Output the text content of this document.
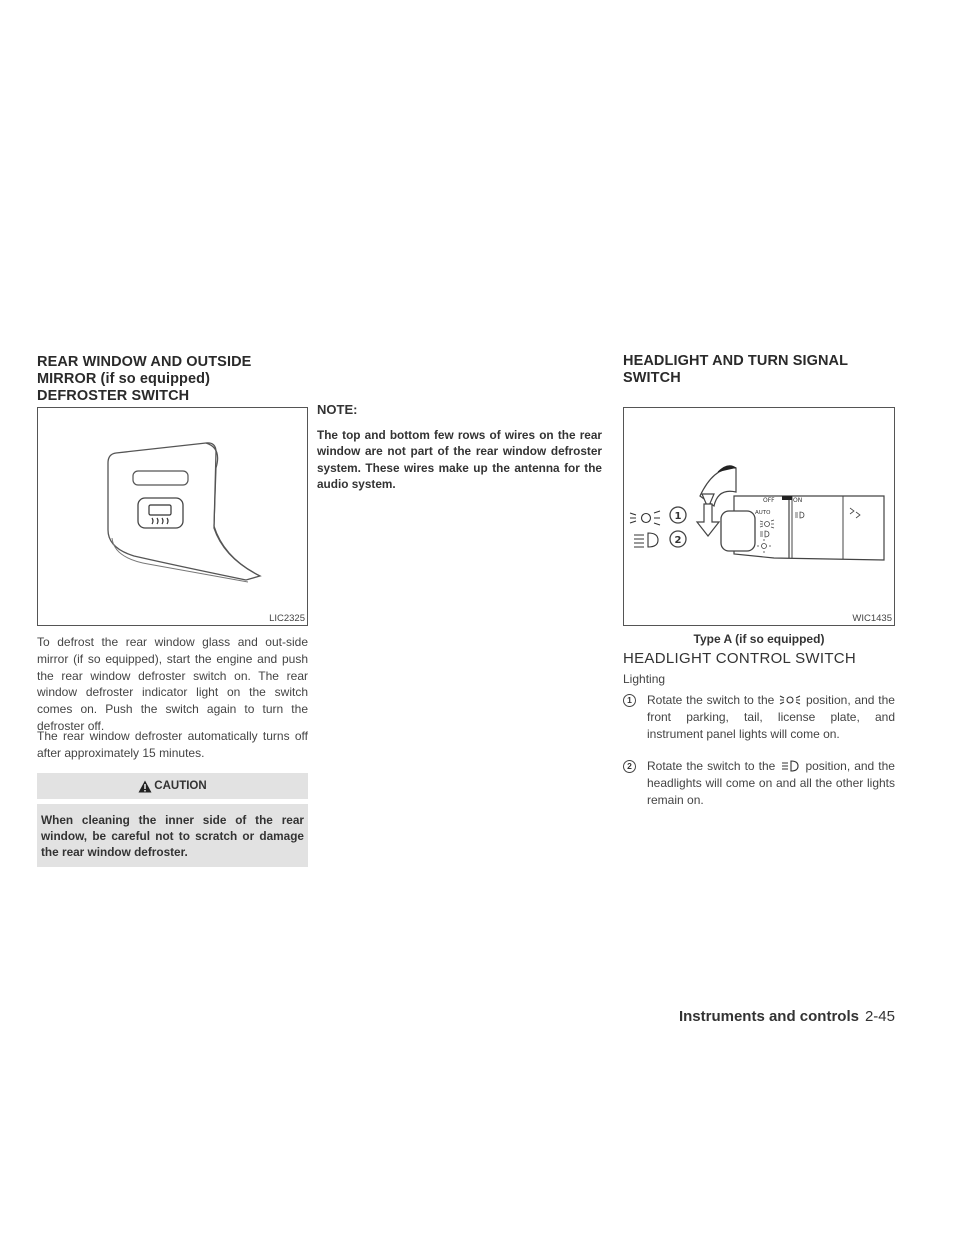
REAR WINDOW AND OUTSIDE
MIRROR (if so equipped)
DEFROSTER SWITCH
LIC2325
To defrost the rear window glass and out-side mirror (if so equipped), start the engine and push the rear window defroster switch on. The rear window defroster indicator light on the switch comes on. Push the switch again to turn the defroster off.
The rear window defroster automatically turns off after approximately 15 minutes.
CAUTION
When cleaning the inner side of the rear window, be careful not to scratch or damage the rear window defroster.
NOTE:
The top and bottom few rows of wires on the rear window are not part of the rear window defroster system. These wires make up the antenna for the audio system.
HEADLIGHT AND TURN SIGNAL
SWITCH
OFF	ON
AUTO
1
2
WIC1435
Type A (if so equipped)
HEADLIGHT CONTROL SWITCH
Lighting
1	Rotate the switch to the	position, and the front parking, tail, license plate, and instrument panel lights will come on.
2	Rotate the switch to the	position, and the headlights will come on and all the other lights remain on.
Instruments and controls 2-45
